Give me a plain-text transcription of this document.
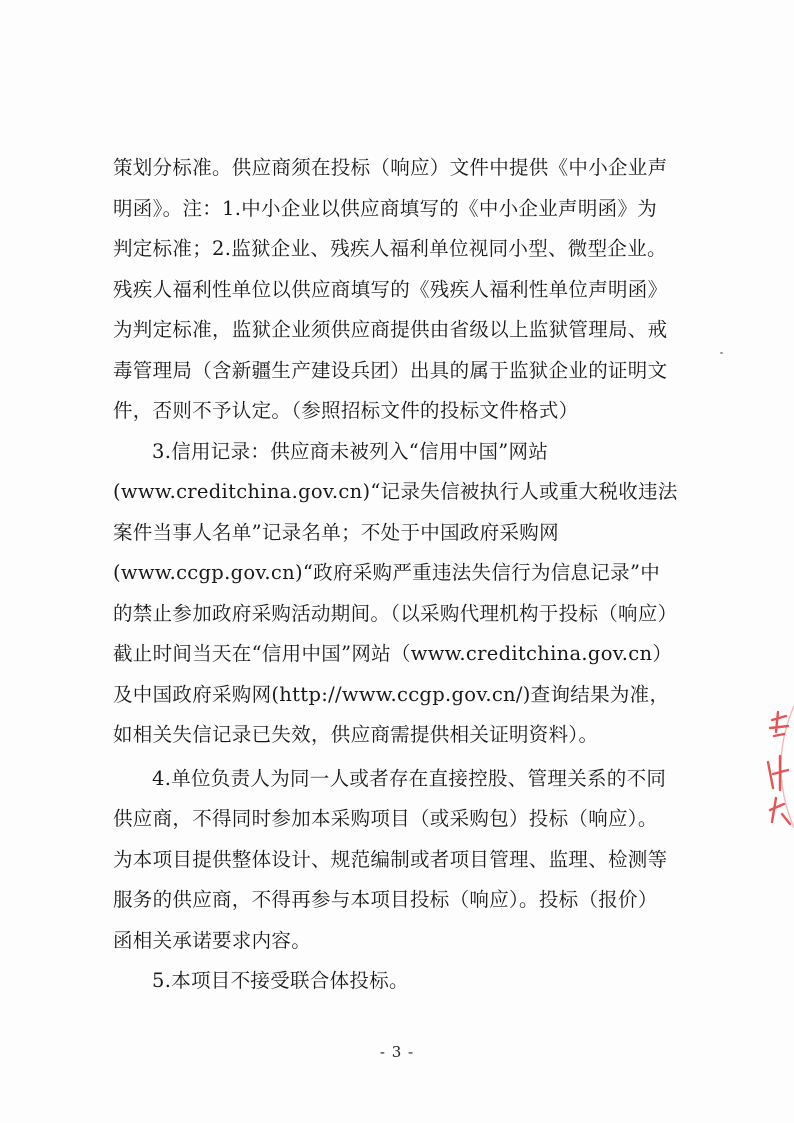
策划分标准。供应商须在投标（响应）文件中提供《中小企业声
明函》。注：1.中小企业以供应商填写的《中小企业声明函》为
判定标准；2.监狱企业、残疾人福利单位视同小型、微型企业。
残疾人福利性单位以供应商填写的《残疾人福利性单位声明函》
为判定标准，监狱企业须供应商提供由省级以上监狱管理局、戒
毒管理局（含新疆生产建设兵团）出具的属于监狱企业的证明文
件，否则不予认定。（参照招标文件的投标文件格式）
3.信用记录：供应商未被列入“信用中国”网站
(www.creditchina.gov.cn)“记录失信被执行人或重大税收违法
案件当事人名单”记录名单；不处于中国政府采购网
(www.ccgp.gov.cn)“政府采购严重违法失信行为信息记录”中
的禁止参加政府采购活动期间。（以采购代理机构于投标（响应）
截止时间当天在“信用中国”网站（www.creditchina.gov.cn）
及中国政府采购网(http://www.ccgp.gov.cn/)查询结果为准，
如相关失信记录已失效，供应商需提供相关证明资料）。
4.单位负责人为同一人或者存在直接控股、管理关系的不同
供应商，不得同时参加本采购项目（或采购包）投标（响应）。
为本项目提供整体设计、规范编制或者项目管理、监理、检测等
服务的供应商，不得再参与本项目投标（响应）。投标（报价）
函相关承诺要求内容。
5.本项目不接受联合体投标。
- 3 -
